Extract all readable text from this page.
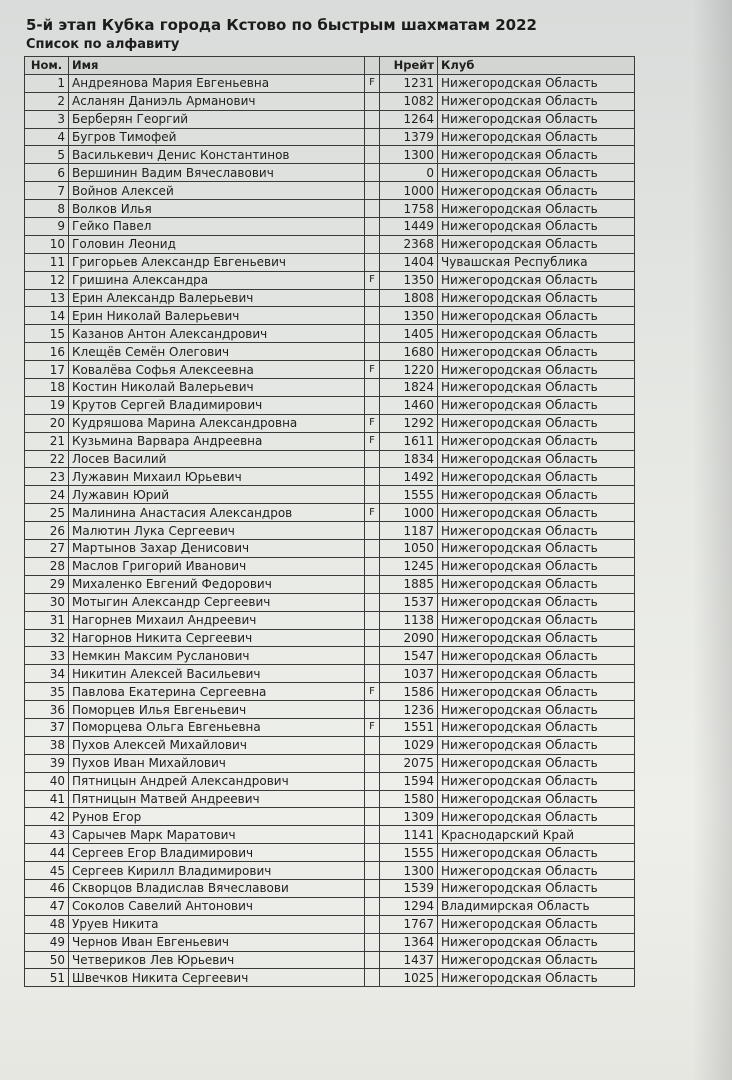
5-й этап Кубка города Кстово по быстрым шахматам 2022
Список по алфавиту
Ном.	Имя		Нрейт	Клуб
1	Андреянова Мария Евгеньевна	F	1231	Нижегородская Область
2	Асланян Даниэль Арманович		1082	Нижегородская Область
3	Берберян Георгий		1264	Нижегородская Область
4	Бугров Тимофей		1379	Нижегородская Область
5	Василькевич Денис Константинов		1300	Нижегородская Область
6	Вершинин Вадим Вячеславович		0	Нижегородская Область
7	Войнов Алексей		1000	Нижегородская Область
8	Волков Илья		1758	Нижегородская Область
9	Гейко Павел		1449	Нижегородская Область
10	Головин Леонид		2368	Нижегородская Область
11	Григорьев Александр Евгеньевич		1404	Чувашская Республика
12	Гришина Александра	F	1350	Нижегородская Область
13	Ерин Александр Валерьевич		1808	Нижегородская Область
14	Ерин Николай Валерьевич		1350	Нижегородская Область
15	Казанов Антон Александрович		1405	Нижегородская Область
16	Клещёв Семён Олегович		1680	Нижегородская Область
17	Ковалёва Софья Алексеевна	F	1220	Нижегородская Область
18	Костин Николай Валерьевич		1824	Нижегородская Область
19	Крутов Сергей Владимирович		1460	Нижегородская Область
20	Кудряшова Марина Александровна	F	1292	Нижегородская Область
21	Кузьмина Варвара Андреевна	F	1611	Нижегородская Область
22	Лосев Василий		1834	Нижегородская Область
23	Лужавин Михаил Юрьевич		1492	Нижегородская Область
24	Лужавин Юрий		1555	Нижегородская Область
25	Малинина Анастасия Александров	F	1000	Нижегородская Область
26	Малютин Лука Сергеевич		1187	Нижегородская Область
27	Мартынов Захар Денисович		1050	Нижегородская Область
28	Маслов Григорий Иванович		1245	Нижегородская Область
29	Михаленко Евгений Федорович		1885	Нижегородская Область
30	Мотыгин Александр Сергеевич		1537	Нижегородская Область
31	Нагорнев Михаил Андреевич		1138	Нижегородская Область
32	Нагорнов Никита Сергеевич		2090	Нижегородская Область
33	Немкин Максим Русланович		1547	Нижегородская Область
34	Никитин Алексей Васильевич		1037	Нижегородская Область
35	Павлова Екатерина Сергеевна	F	1586	Нижегородская Область
36	Поморцев Илья Евгеньевич		1236	Нижегородская Область
37	Поморцева Ольга Евгеньевна	F	1551	Нижегородская Область
38	Пухов Алексей Михайлович		1029	Нижегородская Область
39	Пухов Иван Михайлович		2075	Нижегородская Область
40	Пятницын Андрей Александрович		1594	Нижегородская Область
41	Пятницын Матвей Андреевич		1580	Нижегородская Область
42	Рунов Егор		1309	Нижегородская Область
43	Сарычев Марк Маратович		1141	Краснодарский Край
44	Сергеев Егор Владимирович		1555	Нижегородская Область
45	Сергеев Кирилл Владимирович		1300	Нижегородская Область
46	Скворцов Владислав Вячеславови		1539	Нижегородская Область
47	Соколов Савелий Антонович		1294	Владимирская Область
48	Уруев Никита		1767	Нижегородская Область
49	Чернов Иван Евгеньевич		1364	Нижегородская Область
50	Четвериков Лев Юрьевич		1437	Нижегородская Область
51	Швечков Никита Сергеевич		1025	Нижегородская Область
